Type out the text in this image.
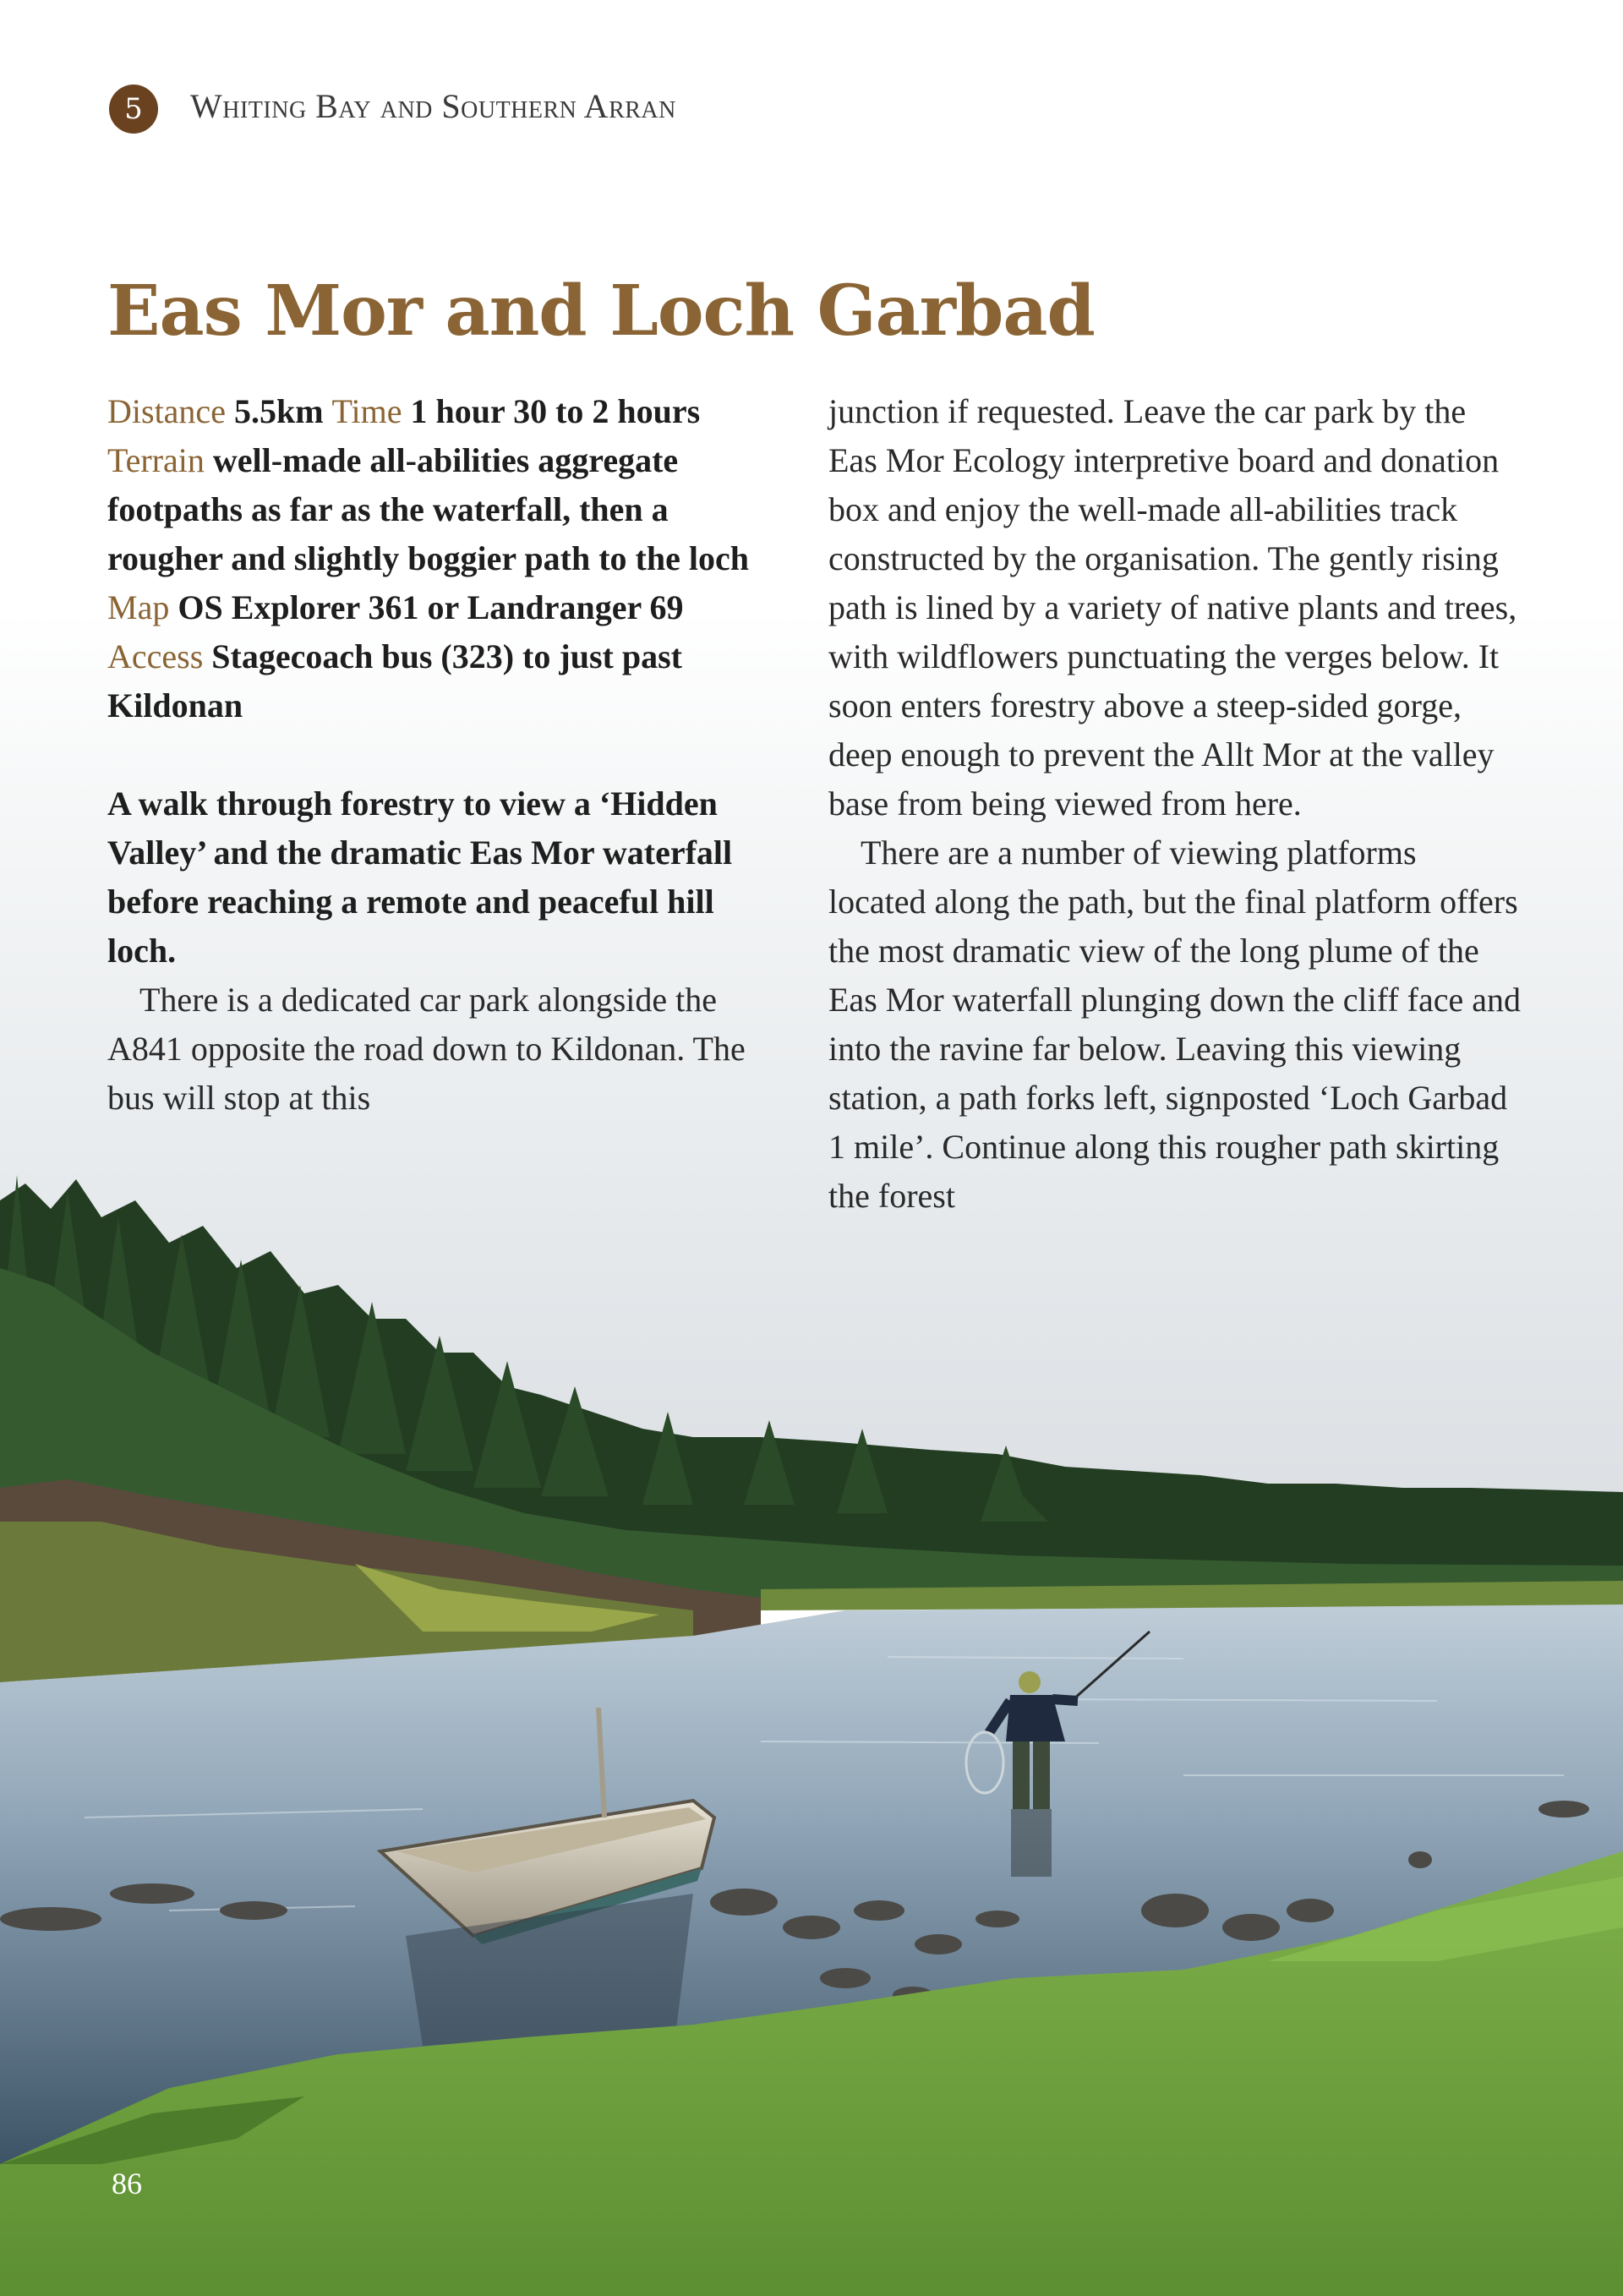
5	Whiting Bay and Southern Arran
Eas Mor and Loch Garbad

Distance 5.5km Time 1 hour 30 to 2 hours Terrain well-made all-abilities aggregate footpaths as far as the waterfall, then a rougher and slightly boggier path to the loch Map OS Explorer 361 or Landranger 69 Access Stagecoach bus (323) to just past Kildonan

A walk through forestry to view a ‘Hidden Valley’ and the dramatic Eas Mor waterfall before reaching a remote and peaceful hill loch.

There is a dedicated car park alongside the A841 opposite the road down to Kildonan. The bus will stop at this

junction if requested. Leave the car park by the Eas Mor Ecology interpretive board and donation box and enjoy the well-made all-abilities track constructed by the organisation. The gently rising path is lined by a variety of native plants and trees, with wildflowers punctuating the verges below. It soon enters forestry above a steep-sided gorge, deep enough to prevent the Allt Mor at the valley base from being viewed from here.

There are a number of viewing platforms located along the path, but the final platform offers the most dramatic view of the long plume of the Eas Mor waterfall plunging down the cliff face and into the ravine far below. Leaving this viewing station, a path forks left, signposted ‘Loch Garbad 1 mile’. Continue along this rougher path skirting the forest

86
